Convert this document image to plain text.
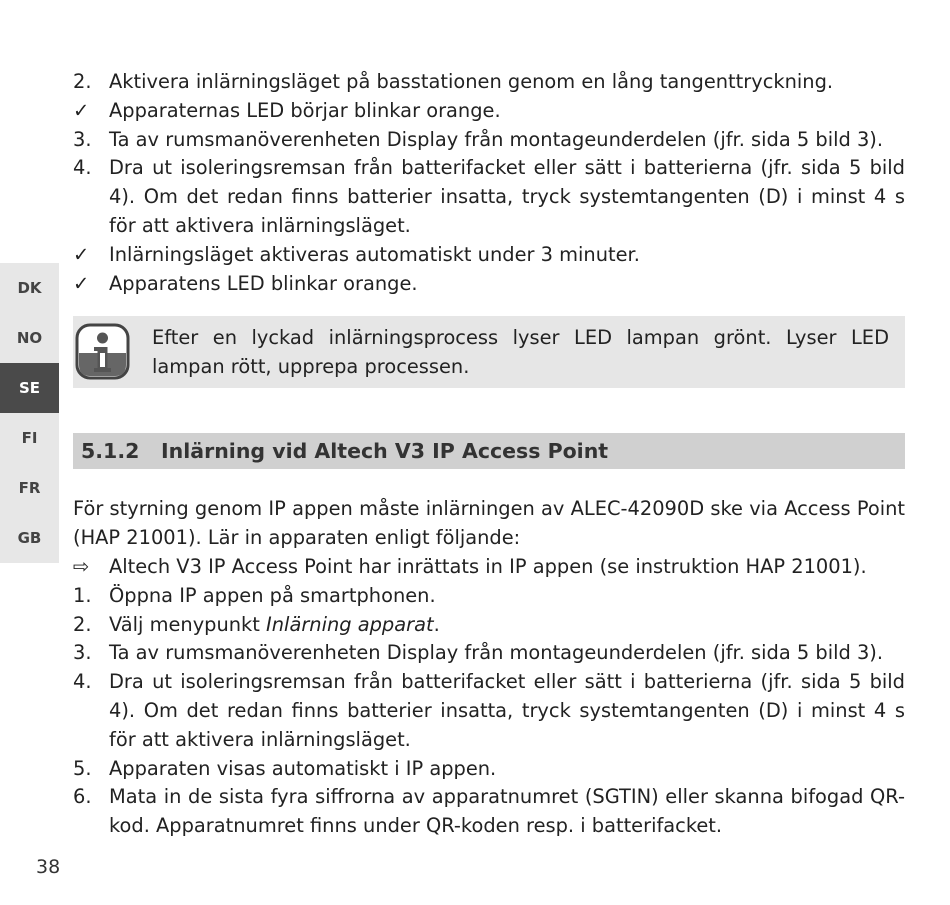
DK
NO
SE
FI
FR
GB
2. Aktivera inlärningsläget på basstationen genom en lång tangenttryckning.
✓	Apparaternas LED börjar blinkar orange.
3. Ta av rumsmanöverenheten Display från montageunderdelen (jfr. sida 5 bild 3).
4. Dra ut isoleringsremsan från batterifacket eller sätt i batterierna (jfr. sida 5 bild 4). Om det redan finns batterier insatta, tryck systemtangenten (D) i minst 4 s för att aktivera inlärningsläget.
✓	Inlärningsläget aktiveras automatiskt under 3 minuter.
✓	Apparatens LED blinkar orange.
Efter en lyckad inlärningsprocess lyser LED lampan grönt. Lyser LED lampan rött, upprepa processen.
5.1.2	Inlärning vid Altech V3 IP Access Point
För styrning genom IP appen måste inlärningen av ALEC-42090D ske via Access Point (HAP 21001). Lär in apparaten enligt följande:
⇨	Altech V3 IP Access Point har inrättats in IP appen (se instruktion HAP 21001).
1. Öppna IP appen på smartphonen.
2. Välj menypunkt Inlärning apparat.
3. Ta av rumsmanöverenheten Display från montageunderdelen (jfr. sida 5 bild 3).
4. Dra ut isoleringsremsan från batterifacket eller sätt i batterierna (jfr. sida 5 bild 4). Om det redan finns batterier insatta, tryck systemtangenten (D) i minst 4 s för att aktivera inlärningsläget.
5. Apparaten visas automatiskt i IP appen.
6. Mata in de sista fyra siffrorna av apparatnumret (SGTIN) eller skanna bifogad QR-kod. Apparatnumret finns under QR-koden resp. i batterifacket.
38
